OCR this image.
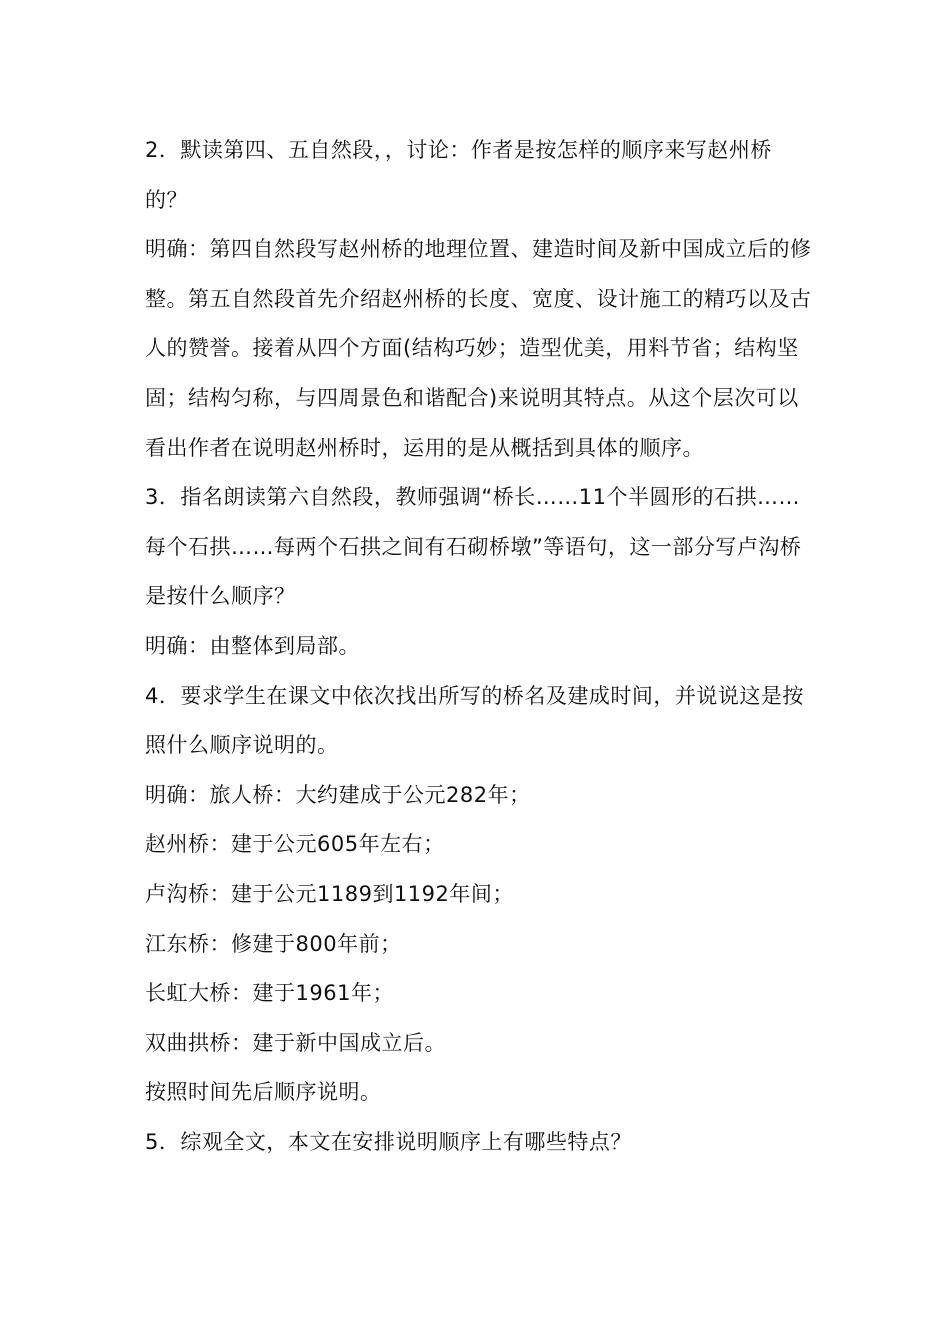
2．默读第四、五自然段，，讨论：作者是按怎样的顺序来写赵州桥的？

明确：第四自然段写赵州桥的地理位置、建造时间及新中国成立后的修整。第五自然段首先介绍赵州桥的长度、宽度、设计施工的精巧以及古人的赞誉。接着从四个方面(结构巧妙；造型优美，用料节省；结构坚固；结构匀称，与四周景色和谐配合)来说明其特点。从这个层次可以看出作者在说明赵州桥时，运用的是从概括到具体的顺序。

3．指名朗读第六自然段，教师强调“桥长……11个半圆形的石拱……每个石拱……每两个石拱之间有石砌桥墩”等语句，这一部分写卢沟桥是按什么顺序？

明确：由整体到局部。

4．要求学生在课文中依次找出所写的桥名及建成时间，并说说这是按照什么顺序说明的。

明确：旅人桥：大约建成于公元282年；

赵州桥：建于公元605年左右；

卢沟桥：建于公元1189到1192年间；

江东桥：修建于800年前；

长虹大桥：建于1961年；

双曲拱桥：建于新中国成立后。

按照时间先后顺序说明。

5．综观全文，本文在安排说明顺序上有哪些特点？
